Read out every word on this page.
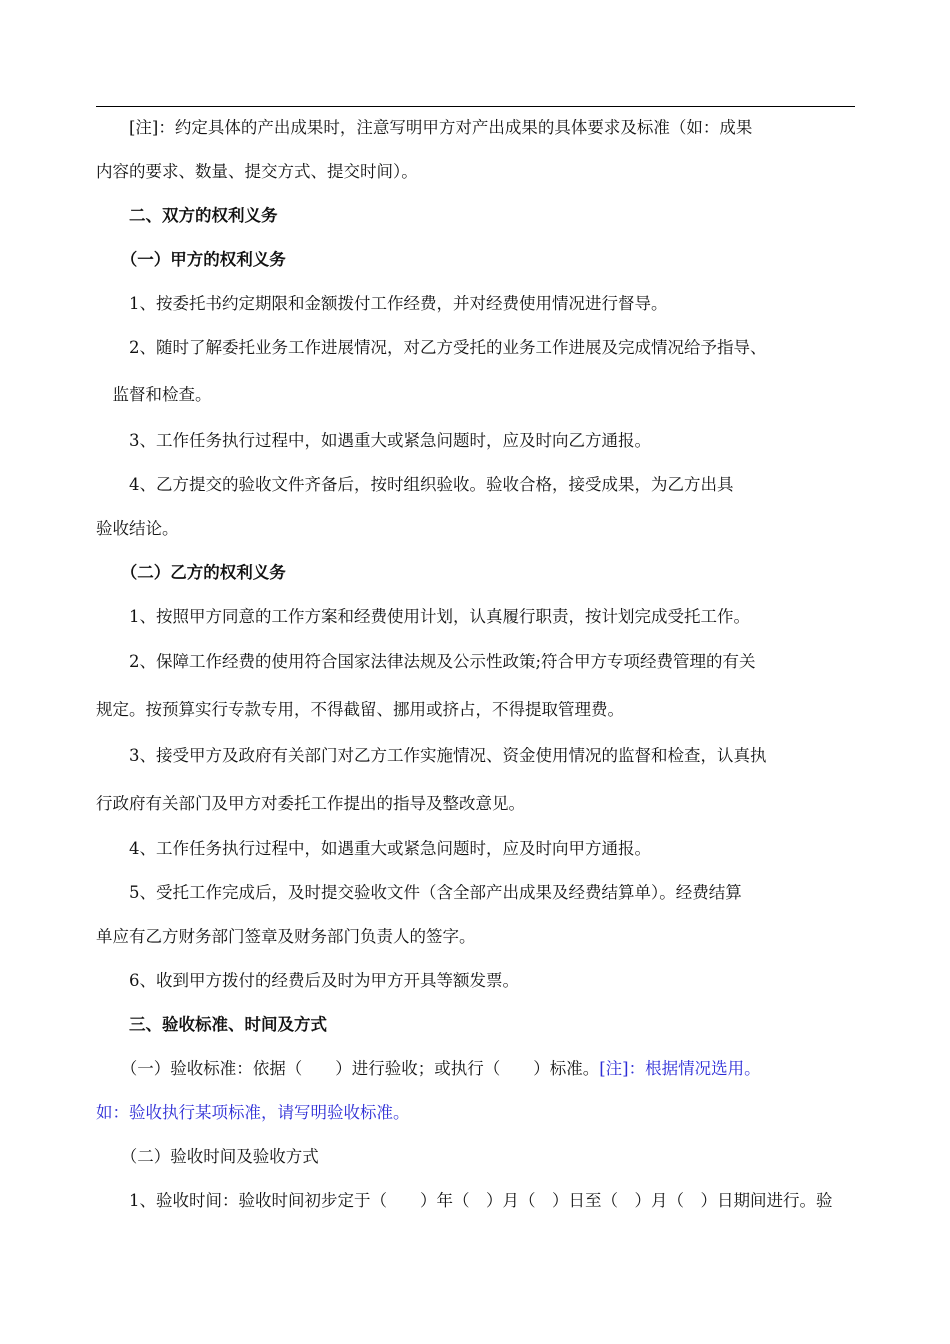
　　[注]：约定具体的产出成果时，注意写明甲方对产出成果的具体要求及标准（如：成果
内容的要求、数量、提交方式、提交时间）。
　　二、双方的权利义务
　　（一）甲方的权利义务
　　1、按委托书约定期限和金额拨付工作经费，并对经费使用情况进行督导。
　　2、随时了解委托业务工作进展情况，对乙方受托的业务工作进展及完成情况给予指导、
　监督和检查。
　　3、工作任务执行过程中，如遇重大或紧急问题时，应及时向乙方通报。
　　4、乙方提交的验收文件齐备后，按时组织验收。验收合格，接受成果，为乙方出具
验收结论。
　　（二）乙方的权利义务
　　1、按照甲方同意的工作方案和经费使用计划，认真履行职责，按计划完成受托工作。
　　2、保障工作经费的使用符合国家法律法规及公示性政策;符合甲方专项经费管理的有关
规定。按预算实行专款专用，不得截留、挪用或挤占，不得提取管理费。
　　3、接受甲方及政府有关部门对乙方工作实施情况、资金使用情况的监督和检查，认真执
行政府有关部门及甲方对委托工作提出的指导及整改意见。
　　4、工作任务执行过程中，如遇重大或紧急问题时，应及时向甲方通报。
　　5、受托工作完成后，及时提交验收文件（含全部产出成果及经费结算单）。经费结算
单应有乙方财务部门签章及财务部门负责人的签字。
　　6、收到甲方拨付的经费后及时为甲方开具等额发票。
　　三、验收标准、时间及方式
　　（一）验收标准：依据（　　）进行验收；或执行（　　）标准。[注]：根据情况选用。
如：验收执行某项标准，请写明验收标准。
　　（二）验收时间及验收方式
　　1、验收时间：验收时间初步定于（　　）年（　）月（　）日至（　）月（　）日期间进行。验
